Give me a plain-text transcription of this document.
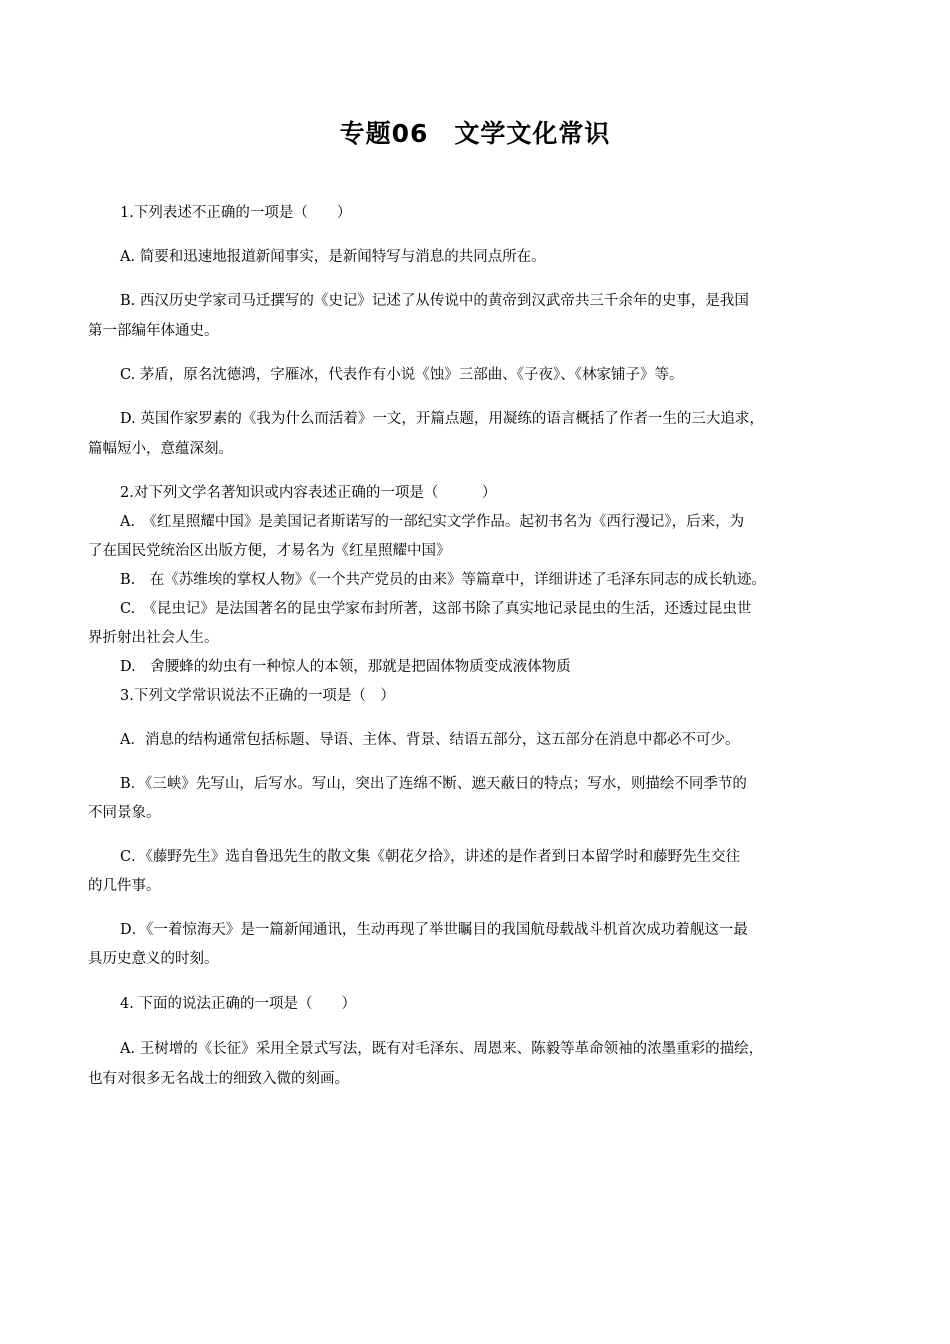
专题06　文学文化常识
1.下列表述不正确的一项是（　　）
A. 简要和迅速地报道新闻事实，是新闻特写与消息的共同点所在。
B. 西汉历史学家司马迁撰写的《史记》记述了从传说中的黄帝到汉武帝共三千余年的史事，是我国
第一部编年体通史。
C. 茅盾，原名沈德鸿，字雁冰，代表作有小说《蚀》三部曲、《子夜》、《林家铺子》等。
D. 英国作家罗素的《我为什么而活着》一文，开篇点题，用凝练的语言概括了作者一生的三大追求，
篇幅短小，意蕴深刻。
2.对下列文学名著知识或内容表述正确的一项是（　　　）
A.　《红星照耀中国》是美国记者斯诺写的一部纪实文学作品。起初书名为《西行漫记》，后来，为
了在国民党统治区出版方便，才易名为《红星照耀中国》
B.　在《苏维埃的掌权人物》《一个共产党员的由来》等篇章中，详细讲述了毛泽东同志的成长轨迹。
C.　《昆虫记》是法国著名的昆虫学家布封所著，这部书除了真实地记录昆虫的生活，还透过昆虫世
界折射出社会人生。
D.　舍腰蜂的幼虫有一种惊人的本领，那就是把固体物质变成液体物质
3.下列文学常识说法不正确的一项是（　）
A．消息的结构通常包括标题、导语、主体、背景、结语五部分，这五部分在消息中都必不可少。
B．《三峡》先写山，后写水。写山，突出了连绵不断、遮天蔽日的特点；写水，则描绘不同季节的
不同景象。
C．《藤野先生》选自鲁迅先生的散文集《朝花夕拾》，讲述的是作者到日本留学时和藤野先生交往
的几件事。
D．《一着惊海天》是一篇新闻通讯，生动再现了举世瞩目的我国航母载战斗机首次成功着舰这一最
具历史意义的时刻。
4. 下面的说法正确的一项是（　　）
A. 王树增的《长征》采用全景式写法，既有对毛泽东、周恩来、陈毅等革命领袖的浓墨重彩的描绘，
也有对很多无名战士的细致入微的刻画。
